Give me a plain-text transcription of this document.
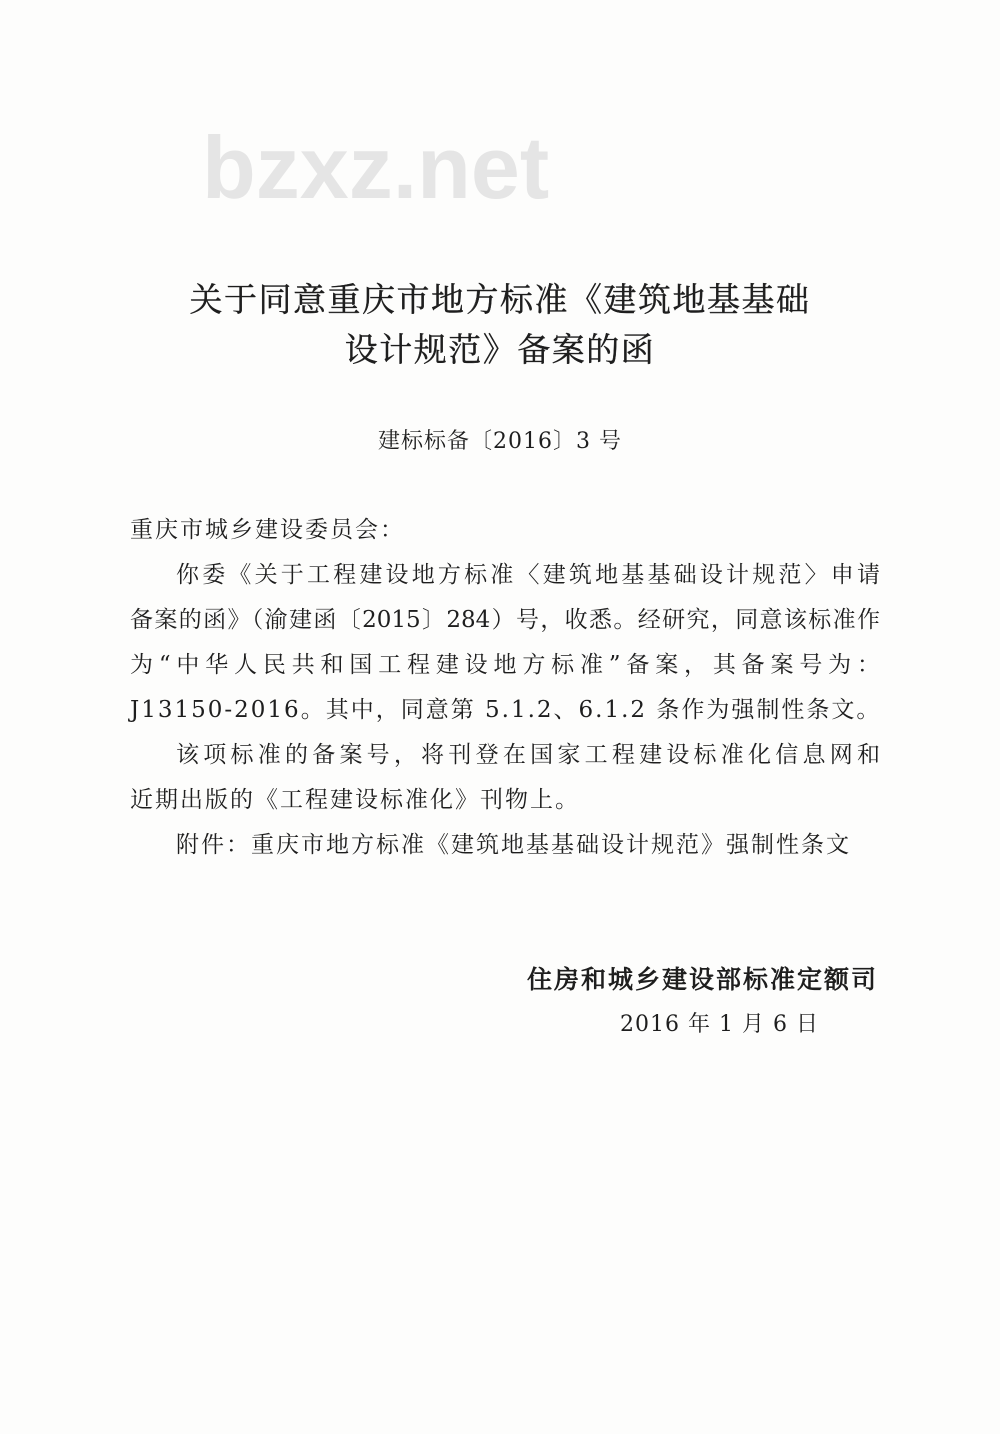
bzxz.net
关于同意重庆市地方标准《建筑地基基础
设计规范》备案的函
建标标备〔2016〕3 号

重庆市城乡建设委员会：

你委《关于工程建设地方标准〈建筑地基基础设计规范〉申请
备案的函》（渝建函〔2015〕284）号，收悉。经研究，同意该标准作
为“中华人民共和国工程建设地方标准”备案，其备案号为：
J13150-2016。其中，同意第 5.1.2、6.1.2 条作为强制性条文。

该项标准的备案号，将刊登在国家工程建设标准化信息网和
近期出版的《工程建设标准化》刊物上。

附件：重庆市地方标准《建筑地基基础设计规范》强制性条文

住房和城乡建设部标准定额司
2016 年 1 月 6 日
